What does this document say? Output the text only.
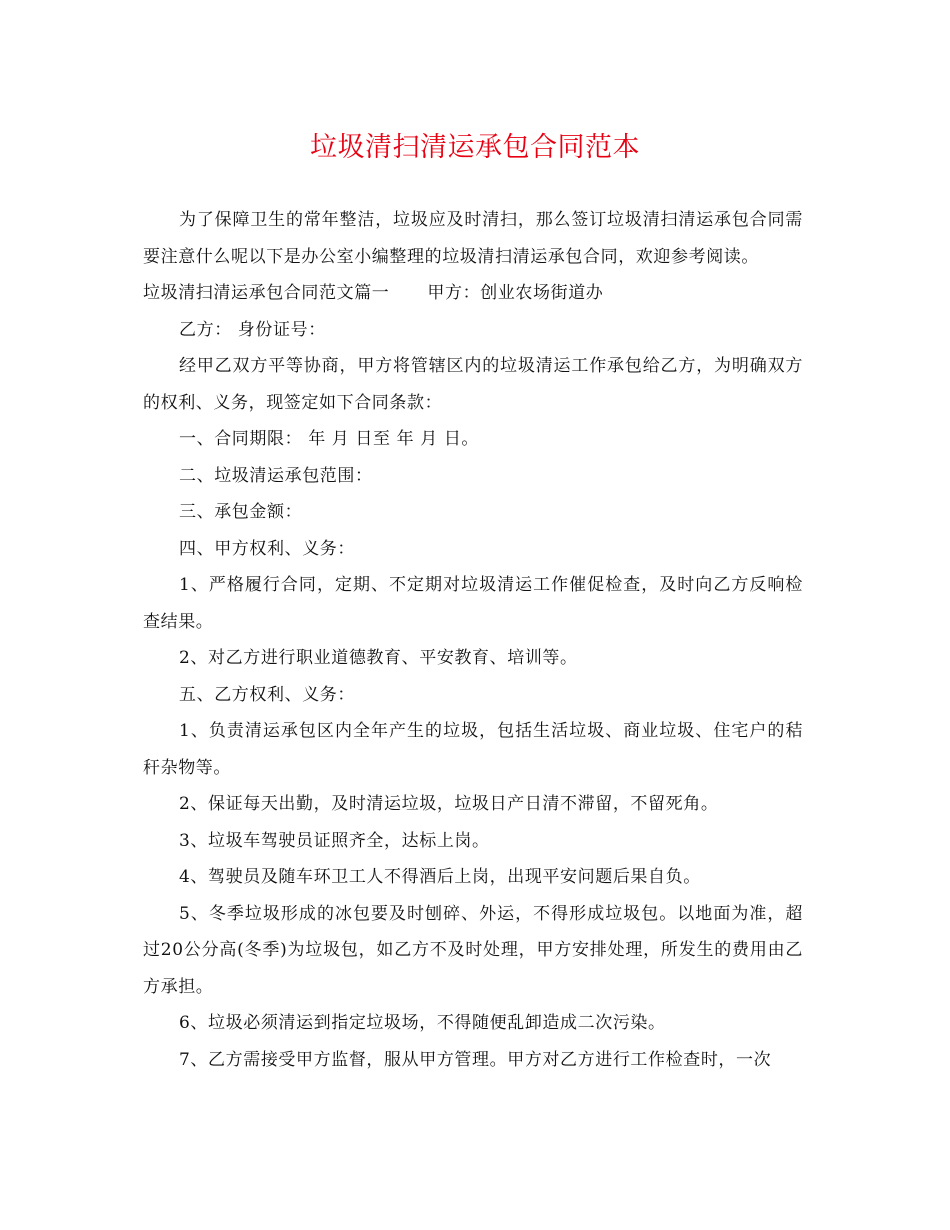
垃圾清扫清运承包合同范本

为了保障卫生的常年整洁，垃圾应及时清扫，那么签订垃圾清扫清运承包合同需要注意什么呢以下是办公室小编整理的垃圾清扫清运承包合同，欢迎参考阅读。

垃圾清扫清运承包合同范文篇一 甲方：创业农场街道办

乙方： 身份证号：

经甲乙双方平等协商，甲方将管辖区内的垃圾清运工作承包给乙方，为明确双方的权利、义务，现签定如下合同条款：

一、合同期限： 年 月 日至 年 月 日。

二、垃圾清运承包范围：

三、承包金额：

四、甲方权利、义务：

1、严格履行合同，定期、不定期对垃圾清运工作催促检查，及时向乙方反响检查结果。

2、对乙方进行职业道德教育、平安教育、培训等。

五、乙方权利、义务：

1、负责清运承包区内全年产生的垃圾，包括生活垃圾、商业垃圾、住宅户的秸秆杂物等。

2、保证每天出勤，及时清运垃圾，垃圾日产日清不滞留，不留死角。

3、垃圾车驾驶员证照齐全，达标上岗。

4、驾驶员及随车环卫工人不得酒后上岗，出现平安问题后果自负。

5、冬季垃圾形成的冰包要及时刨碎、外运，不得形成垃圾包。以地面为准，超过20公分高(冬季)为垃圾包，如乙方不及时处理，甲方安排处理，所发生的费用由乙方承担。

6、垃圾必须清运到指定垃圾场，不得随便乱卸造成二次污染。

7、乙方需接受甲方监督，服从甲方管理。甲方对乙方进行工作检查时，一次
